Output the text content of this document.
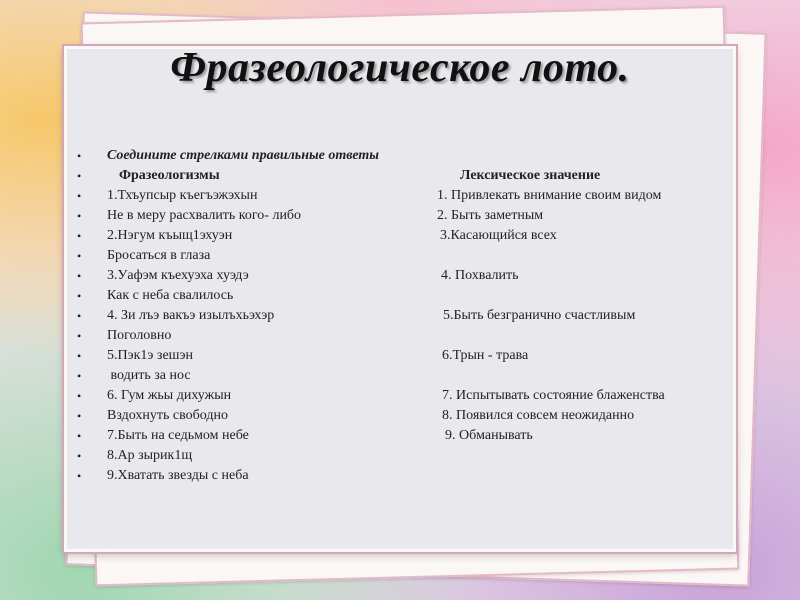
Фразеологическое лото.
• Соедините стрелками правильные ответы
•	Фразеологизмы	Лексическое значение
• 1.Тхъупсыр къегъэжэхын	1. Привлекать внимание своим видом
• Не в меру расхвалить кого- либо	2. Быть заметным
• 2.Нэгум къыщ1эхуэн	3.Касающийся всех
• Бросаться в глаза
• 3.Уафэм къехуэха хуэдэ	4. Похвалить
• Как с неба свалилось
• 4. Зи лъэ вакъэ изылъхьэхэр	5.Быть безгранично счастливым
• Поголовно
• 5.Пэк1э зешэн	6.Трын - трава
• водить за нос
• 6. Гум жьы дихужын	7. Испытывать состояние блаженства
• Вздохнуть свободно	8. Появился совсем неожиданно
• 7.Быть на седьмом небе	9. Обманывать
• 8.Ар зырик1щ
• 9.Хватать звезды с неба
